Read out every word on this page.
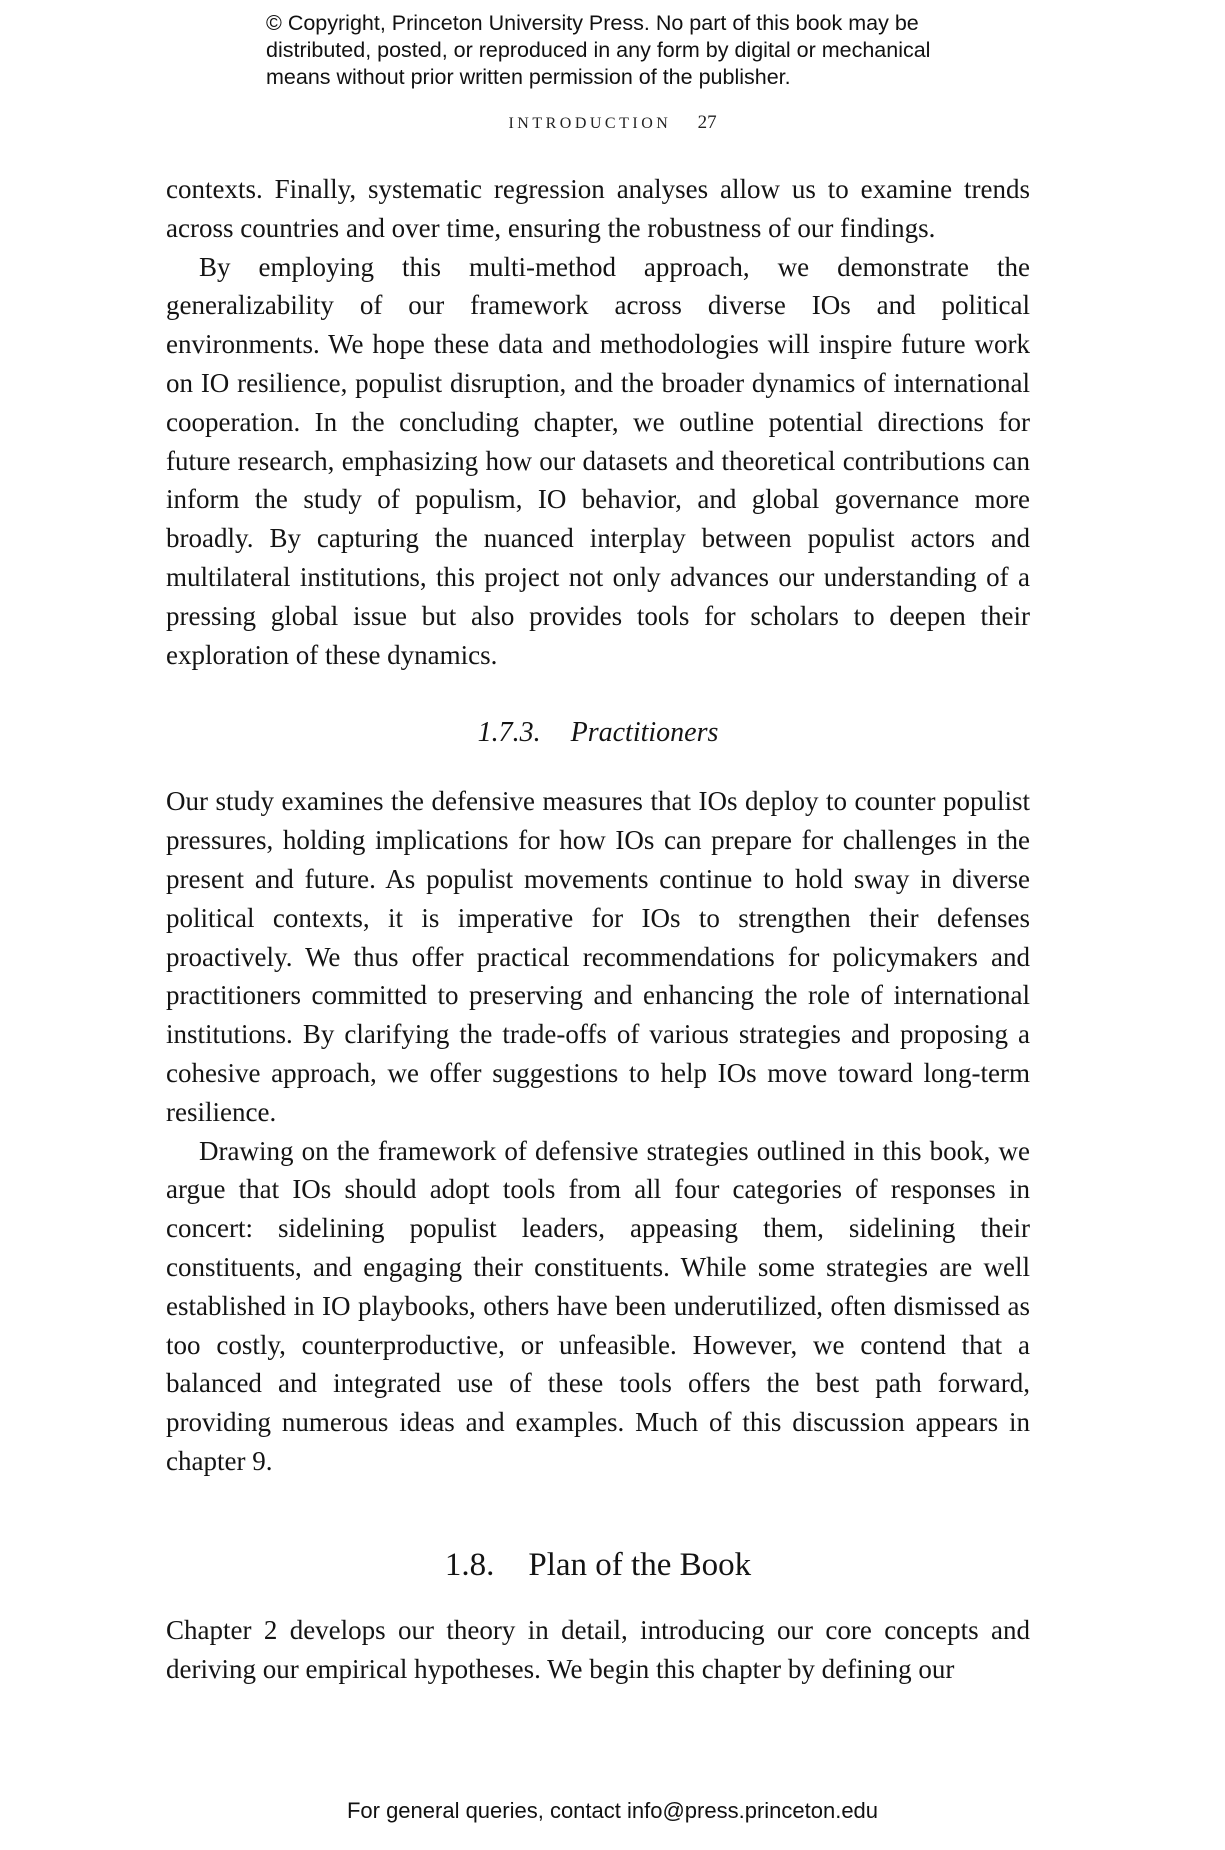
© Copyright, Princeton University Press. No part of this book may be
distributed, posted, or reproduced in any form by digital or mechanical
means without prior written permission of the publisher.
INTRODUCTION 27

contexts. Finally, systematic regression analyses allow us to examine trends across countries and over time, ensuring the robustness of our findings.

By employing this multi-method approach, we demonstrate the generalizability of our framework across diverse IOs and political environments. We hope these data and methodologies will inspire future work on IO resilience, populist disruption, and the broader dynamics of international cooperation. In the concluding chapter, we outline potential directions for future research, emphasizing how our datasets and theoretical contributions can inform the study of populism, IO behavior, and global governance more broadly. By capturing the nuanced interplay between populist actors and multilateral institutions, this project not only advances our understanding of a pressing global issue but also provides tools for scholars to deepen their exploration of these dynamics.

1.7.3. Practitioners

Our study examines the defensive measures that IOs deploy to counter populist pressures, holding implications for how IOs can prepare for challenges in the present and future. As populist movements continue to hold sway in diverse political contexts, it is imperative for IOs to strengthen their defenses proactively. We thus offer practical recommendations for policymakers and practitioners committed to preserving and enhancing the role of international institutions. By clarifying the trade-offs of various strategies and proposing a cohesive approach, we offer suggestions to help IOs move toward long-term resilience.

Drawing on the framework of defensive strategies outlined in this book, we argue that IOs should adopt tools from all four categories of responses in concert: sidelining populist leaders, appeasing them, sidelining their constituents, and engaging their constituents. While some strategies are well established in IO playbooks, others have been underutilized, often dismissed as too costly, counterproductive, or unfeasible. However, we contend that a balanced and integrated use of these tools offers the best path forward, providing numerous ideas and examples. Much of this discussion appears in chapter 9.

1.8. Plan of the Book

Chapter 2 develops our theory in detail, introducing our core concepts and deriving our empirical hypotheses. We begin this chapter by defining our

For general queries, contact info@press.princeton.edu
